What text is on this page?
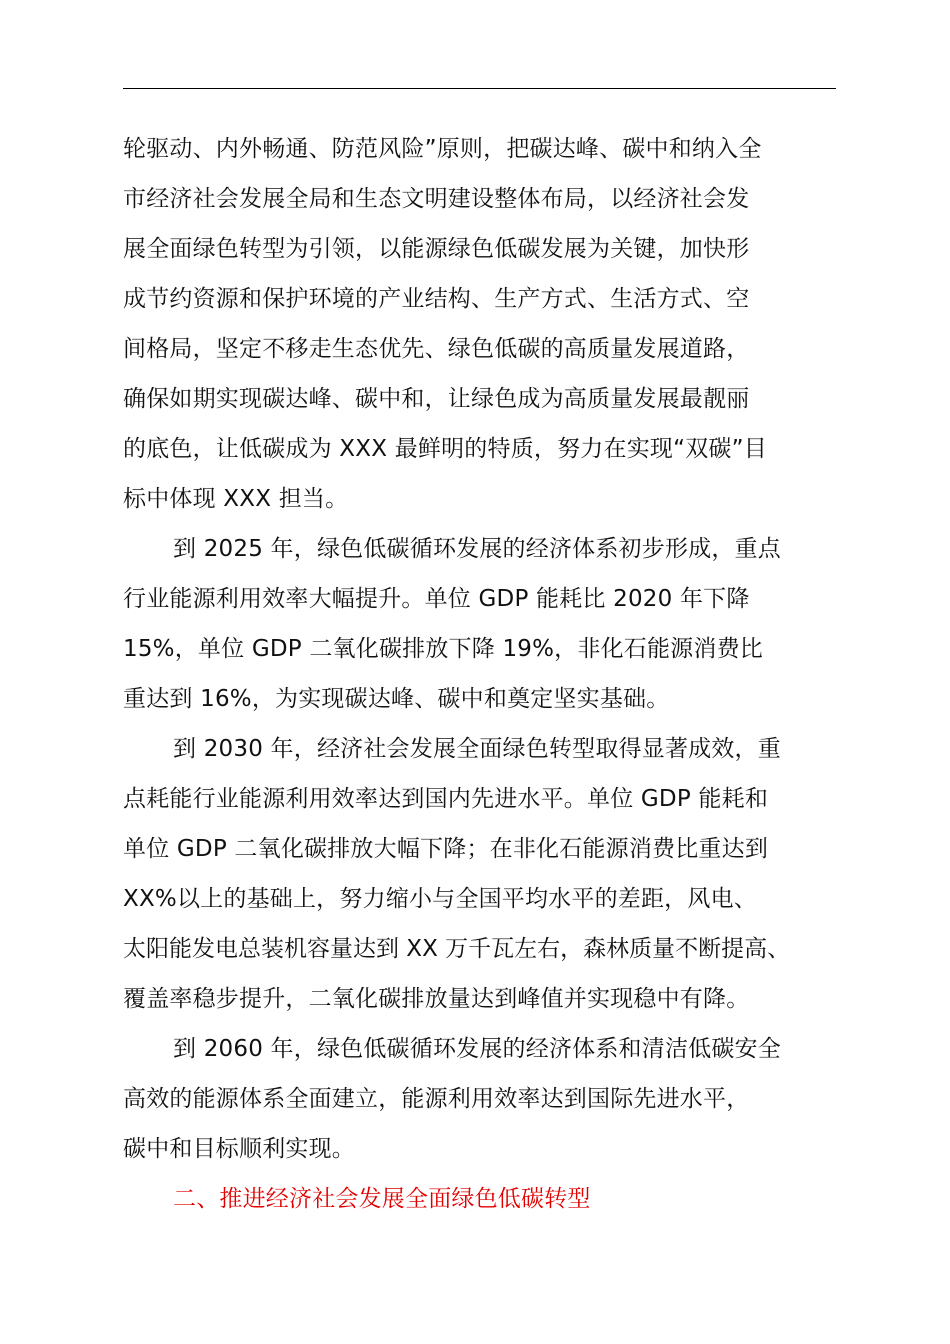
轮驱动、内外畅通、防范风险”原则，把碳达峰、碳中和纳入全
市经济社会发展全局和生态文明建设整体布局，以经济社会发
展全面绿色转型为引领，以能源绿色低碳发展为关键，加快形
成节约资源和保护环境的产业结构、生产方式、生活方式、空
间格局，坚定不移走生态优先、绿色低碳的高质量发展道路，
确保如期实现碳达峰、碳中和，让绿色成为高质量发展最靓丽
的底色，让低碳成为 XXX 最鲜明的特质，努力在实现“双碳”目
标中体现 XXX 担当。
到 2025 年，绿色低碳循环发展的经济体系初步形成，重点
行业能源利用效率大幅提升。单位 GDP 能耗比 2020 年下降
15%，单位 GDP 二氧化碳排放下降 19%，非化石能源消费比
重达到 16%，为实现碳达峰、碳中和奠定坚实基础。
到 2030 年，经济社会发展全面绿色转型取得显著成效，重
点耗能行业能源利用效率达到国内先进水平。单位 GDP 能耗和
单位 GDP 二氧化碳排放大幅下降；在非化石能源消费比重达到
XX%以上的基础上，努力缩小与全国平均水平的差距，风电、
太阳能发电总装机容量达到 XX 万千瓦左右，森林质量不断提高、
覆盖率稳步提升，二氧化碳排放量达到峰值并实现稳中有降。
到 2060 年，绿色低碳循环发展的经济体系和清洁低碳安全
高效的能源体系全面建立，能源利用效率达到国际先进水平，
碳中和目标顺利实现。
二、推进经济社会发展全面绿色低碳转型
